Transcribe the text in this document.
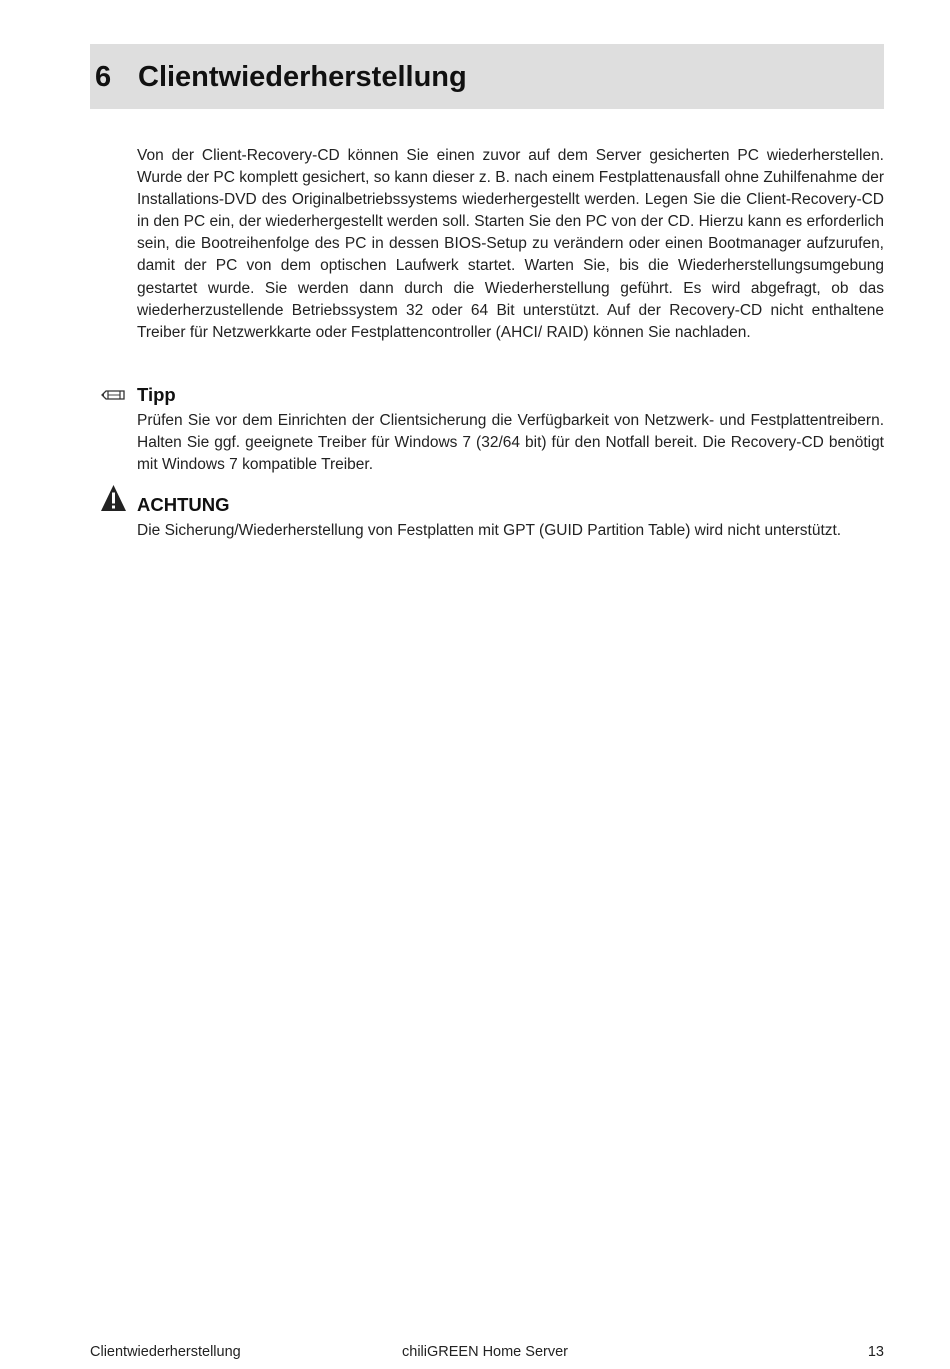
6 Clientwiederherstellung

Von der Client-Recovery-CD können Sie einen zuvor auf dem Server gesicherten PC wiederherstellen. Wurde der PC komplett gesichert, so kann dieser z. B. nach einem Festplattenausfall ohne Zuhilfenahme der Installations-DVD des Originalbetriebssystems wiederhergestellt werden. Legen Sie die Client-Recovery-CD in den PC ein, der wiederhergestellt werden soll. Starten Sie den PC von der CD. Hierzu kann es erforderlich sein, die Bootreihenfolge des PC in dessen BIOS-Setup zu verändern oder einen Bootmanager aufzurufen, damit der PC von dem optischen Laufwerk startet. Warten Sie, bis die Wiederherstellungsumgebung gestartet wurde. Sie werden dann durch die Wiederherstellung geführt. Es wird abgefragt, ob das wiederherzustellende Betriebssystem 32 oder 64 Bit unterstützt. Auf der Recovery-CD nicht enthaltene Treiber für Netzwerkkarte oder Festplattencontroller (AHCI/ RAID) können Sie nachladen.

Tipp

Prüfen Sie vor dem Einrichten der Clientsicherung die Verfügbarkeit von Netzwerk- und Festplattentreibern. Halten Sie ggf. geeignete Treiber für Windows 7 (32/64 bit) für den Notfall bereit. Die Recovery-CD benötigt mit Windows 7 kompatible Treiber.

ACHTUNG

Die Sicherung/Wiederherstellung von Festplatten mit GPT (GUID Partition Table) wird nicht unterstützt.

Clientwiederherstellung	chiliGREEN Home Server	13
